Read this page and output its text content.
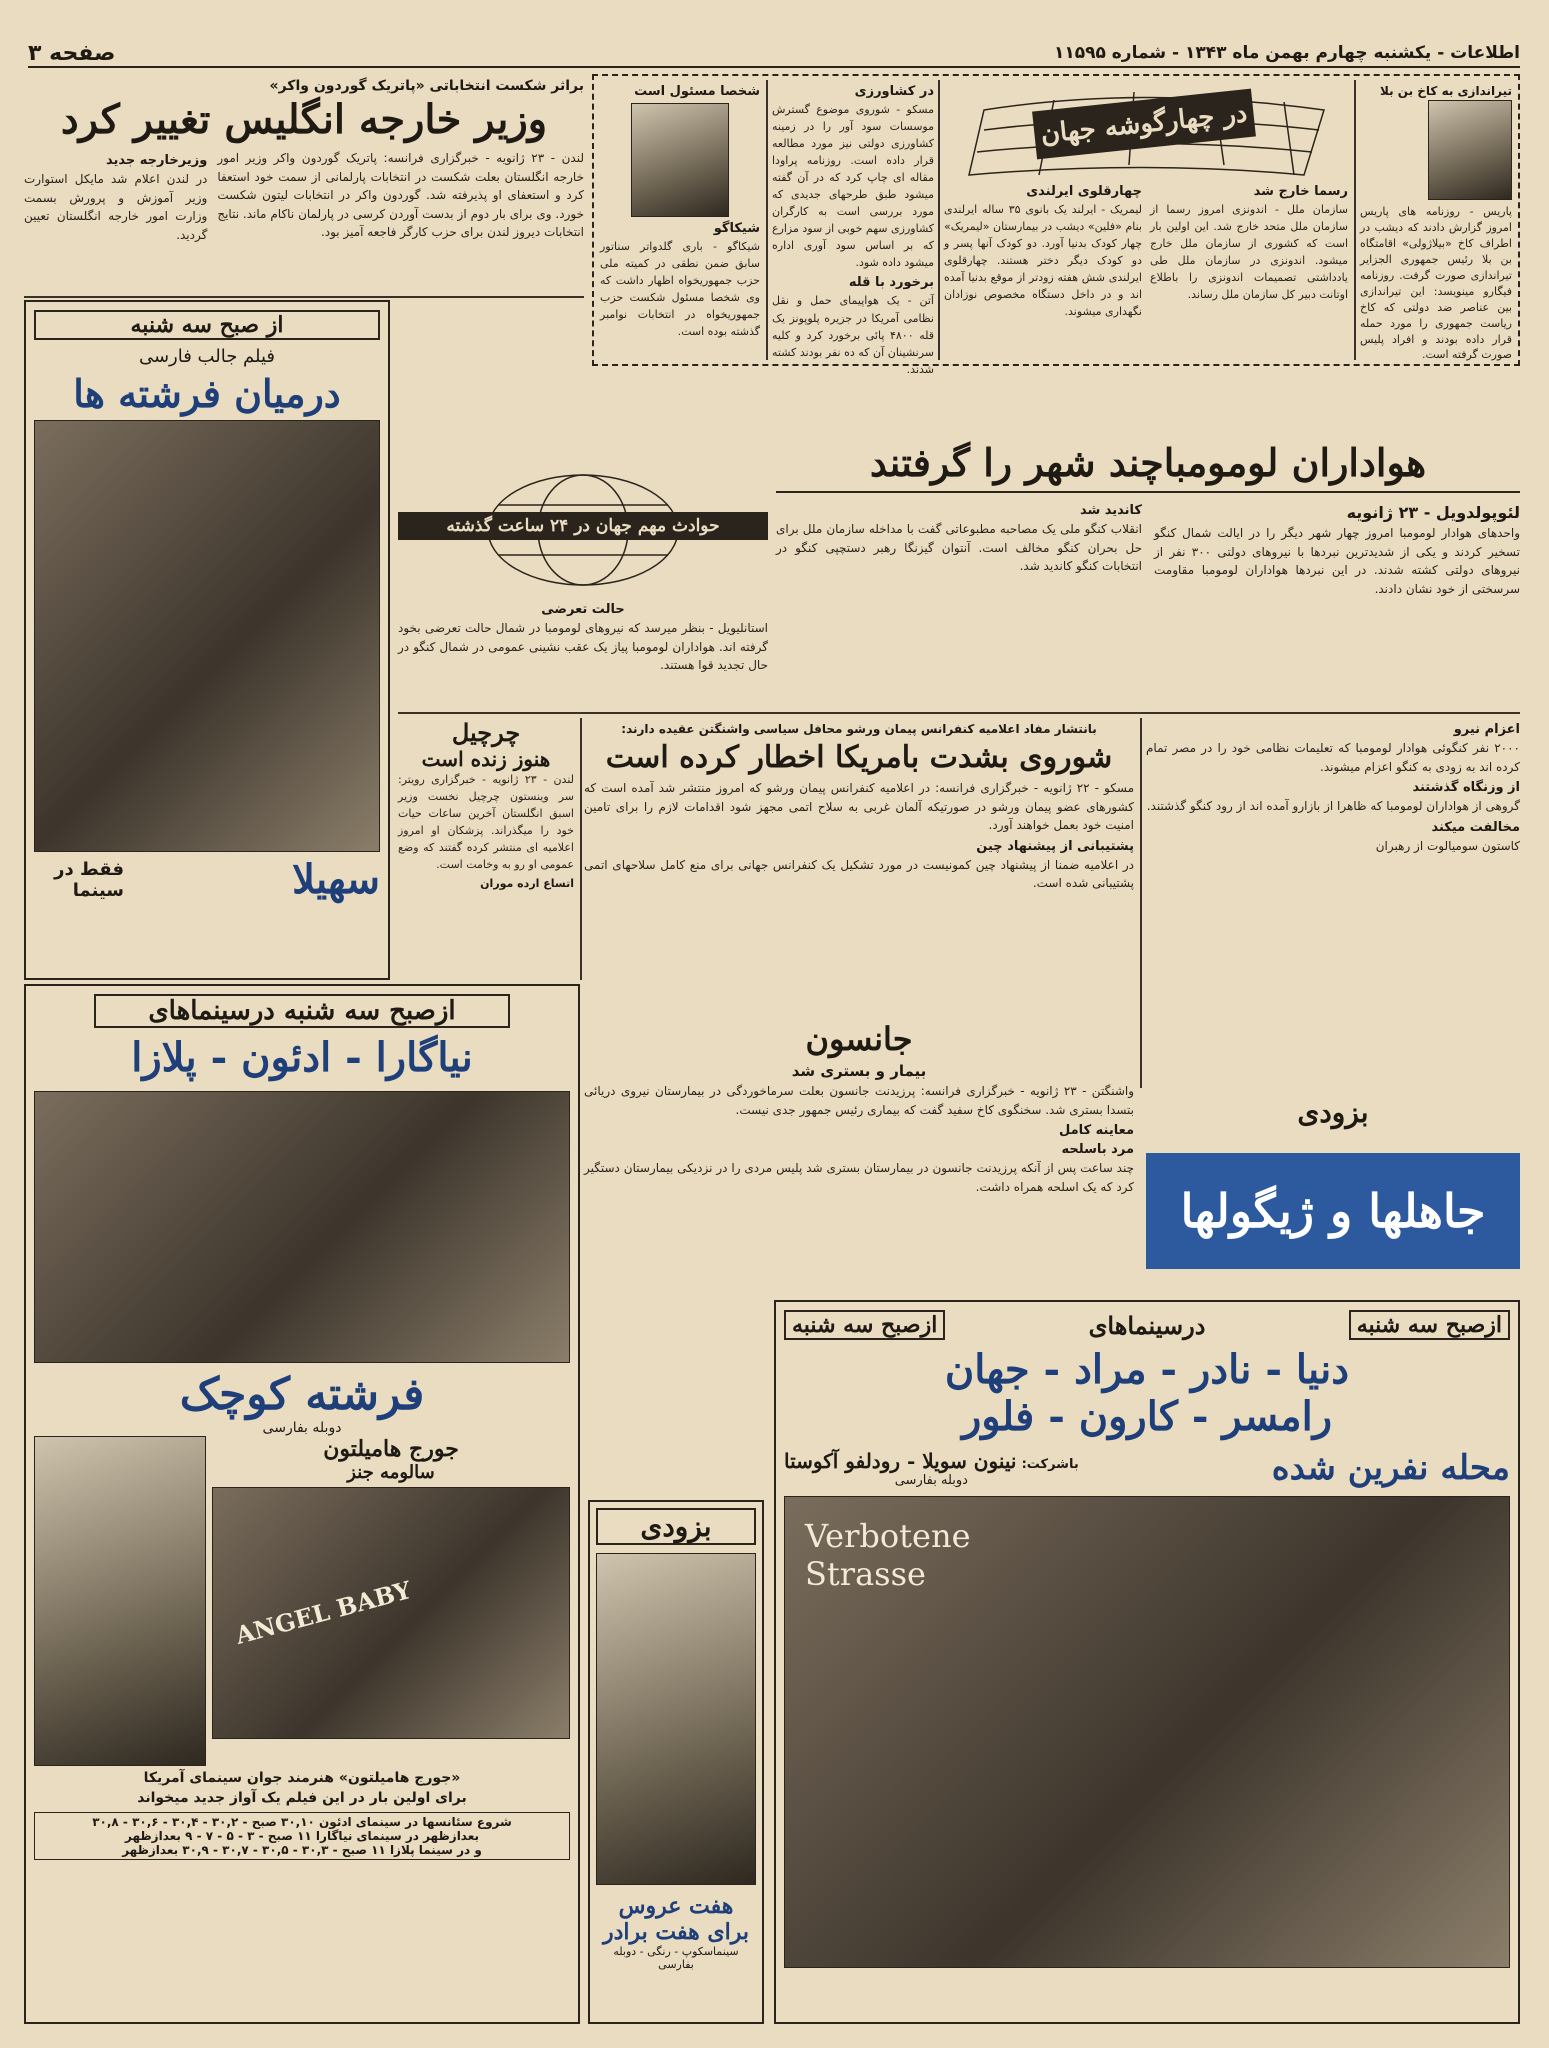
اطلاعات - یکشنبه چهارم بهمن ماه ۱۳۴۳ - شماره ۱۱۵۹۵
صفحه ۳
تیراندازی به کاخ بن بلا
پاریس - روزنامه های پاریس امروز گزارش دادند که دیشب در اطراف کاخ «بیلاژولی» اقامتگاه بن بلا رئیس جمهوری الجزایر تیراندازی صورت گرفت. روزنامه فیگارو مینویسد: این تیراندازی بین عناصر ضد دولتی که کاخ ریاست جمهوری را مورد حمله قرار داده بودند و افراد پلیس صورت گرفته است.
در چهارگوشه جهان
رسما خارج شد
سازمان ملل - اندونزی امروز رسما از سازمان ملل متحد خارج شد. این اولین بار است که کشوری از سازمان ملل خارج میشود. اندونزی در سازمان ملل طی یادداشتی تصمیمات اندونزی را باطلاع اوتانت دبیر کل سازمان ملل رساند.
چهارقلوی ایرلندی
لیمریک - ایرلند یک بانوی ۳۵ ساله ایرلندی بنام «فلین» دیشب در بیمارستان «لیمریک» چهار کودک بدنیا آورد. دو کودک آنها پسر و دو کودک دیگر دختر هستند. چهارقلوی ایرلندی شش هفته زودتر از موقع بدنیا آمده اند و در داخل دستگاه مخصوص نوزادان نگهداری میشوند.
در کشاورزی
مسکو - شوروی موضوع گسترش موسسات سود آور را در زمینه کشاورزی دولتی نیز مورد مطالعه قرار داده است. روزنامه پراودا مقاله ای چاپ کرد که در آن گفته میشود طبق طرحهای جدیدی که مورد بررسی است به کارگران کشاورزی سهم خوبی از سود مزارع که بر اساس سود آوری اداره میشود داده شود.
برخورد با قله
آتن - یک هواپیمای حمل و نقل نظامی آمریکا در جزیره پلوپونز یک قله ۴۸۰۰ پائی برخورد کرد و کلیه سرنشینان آن که ده نفر بودند کشته شدند.
شخصا مسئول است
شیکاگو
شیکاگو - باری گلدواتر سناتور سابق ضمن نطقی در کمیته ملی حزب جمهوریخواه اظهار داشت که وی شخصا مسئول شکست حزب جمهوریخواه در انتخابات نوامبر گذشته بوده است.
براثر شکست انتخاباتی «پاتریک گوردون واکر»
وزیر خارجه انگلیس تغییر کرد
لندن - ۲۳ ژانویه - خبرگزاری فرانسه: پاتریک گوردون واکر وزیر امور خارجه انگلستان بعلت شکست در انتخابات پارلمانی از سمت خود استعفا کرد و استعفای او پذیرفته شد. گوردون واکر در انتخابات لیتون شکست خورد. وی برای بار دوم از بدست آوردن کرسی در پارلمان ناکام ماند. نتایج انتخابات دیروز لندن برای حزب کارگر فاجعه آمیز بود.
وزیرخارجه جدید
در لندن اعلام شد مایکل استوارت وزیر آموزش و پرورش بسمت وزارت امور خارجه انگلستان تعیین گردید.
از صبح سه شنبه
فیلم جالب فارسی
درمیان فرشته ها
سهیلا
فقط در سینما
حوادث مهم جهان در ۲۴ ساعت گذشته
هواداران لومومباچند شهر را گرفتند
لئوپولدویل - ۲۳ ژانویه
واحدهای هوادار لومومبا امروز چهار شهر دیگر را در ایالت شمال کنگو تسخیر کردند و یکی از شدیدترین نبردها با نیروهای دولتی ۳۰۰ نفر از نیروهای دولتی کشته شدند. در این نبردها هواداران لومومبا مقاومت سرسختی از خود نشان دادند.
کاندید شد
انقلاب کنگو ملی یک مصاحبه مطبوعاتی گفت با مداخله سازمان ملل برای حل بحران کنگو مخالف است. آنتوان گیزنگا رهبر دستچپی کنگو در انتخابات کنگو کاندید شد.
حالت تعرضی
استانلیویل - بنظر میرسد که نیروهای لومومبا در شمال حالت تعرضی بخود گرفته اند. هواداران لومومبا پیاز یک عقب نشینی عمومی در شمال کنگو در حال تجدید قوا هستند.
چرچیل
هنوز زنده است
لندن - ۲۳ ژانویه - خبرگزاری رویتر: سر وینستون چرچیل نخست وزیر اسبق انگلستان آخرین ساعات حیات خود را میگذراند. پزشکان او امروز اعلامیه ای منتشر کرده گفتند که وضع عمومی او رو به وخامت است.
اتساع ارده موران
بانتشار مفاد اعلامیه کنفرانس پیمان ورشو محافل سیاسی واشنگتن عقیده دارند:
شوروی بشدت بامریکا اخطار کرده است
مسکو - ۲۲ ژانویه - خبرگزاری فرانسه: در اعلامیه کنفرانس پیمان ورشو که امروز منتشر شد آمده است که کشورهای عضو پیمان ورشو در صورتیکه آلمان غربی به سلاح اتمی مجهز شود اقدامات لازم را برای تامین امنیت خود بعمل خواهند آورد.
پشتیبانی از پیشنهاد چین
در اعلامیه ضمنا از پیشنهاد چین کمونیست در مورد تشکیل یک کنفرانس جهانی برای منع کامل سلاحهای اتمی پشتیبانی شده است.
اعزام نیرو
۲۰۰۰ نفر کنگوئی هوادار لومومبا که تعلیمات نظامی خود را در مصر تمام کرده اند به زودی به کنگو اعزام میشوند.
از وزنگاه گذشتند
گروهی از هواداران لومومبا که ظاهرا از بازارو آمده اند از رود کنگو گذشتند.
مخالفت میکند
کاستون سومیالوت از رهبران
جانسون
بیمار و بستری شد
واشنگتن - ۲۳ ژانویه - خبرگزاری فرانسه: پرزیدنت جانسون بعلت سرماخوردگی در بیمارستان نیروی دریائی بتسدا بستری شد. سخنگوی کاخ سفید گفت که بیماری رئیس جمهور جدی نیست.
معاینه کامل
مرد باسلحه
چند ساعت پس از آنکه پرزیدنت جانسون در بیمارستان بستری شد پلیس مردی را در نزدیکی بیمارستان دستگیر کرد که یک اسلحه همراه داشت.
بزودی
جاهلها و ژیگولها
ازصبح سه شنبه درسینماهای
نیاگارا - ادئون - پلازا
فرشته کوچک
دوبله بفارسی
جورج هامیلتون
سالومه جنز
ANGEL BABY
«جورج هامیلتون» هنرمند جوان سینمای آمریکا
برای اولین بار در این فیلم یک آواز جدید میخواند
شروع سئانسها در سینمای ادئون ۳۰,۱۰ صبح - ۳۰,۲ - ۳۰,۴ - ۳۰,۶ - ۳۰,۸
بعدازظهر در سینمای نیاگارا ۱۱ صبح - ۳ - ۵ - ۷ - ۹ بعدازظهر
و در سینما پلازا ۱۱ صبح - ۳۰,۳ - ۳۰,۵ - ۳۰,۷ - ۳۰,۹ بعدازظهر
بزودی
هفت عروس
برای هفت برادر
سینماسکوپ - رنگی - دوبله بفارسی
ازصبح سه شنبه
درسینماهای
ازصبح سه شنبه
دنیا - نادر - مراد - جهان
رامسر - کارون - فلور
محله نفرین شده
باشرکت: نینون سویلا - رودلفو آکوستا
دوبله بفارسی
Verbotene Strasse
